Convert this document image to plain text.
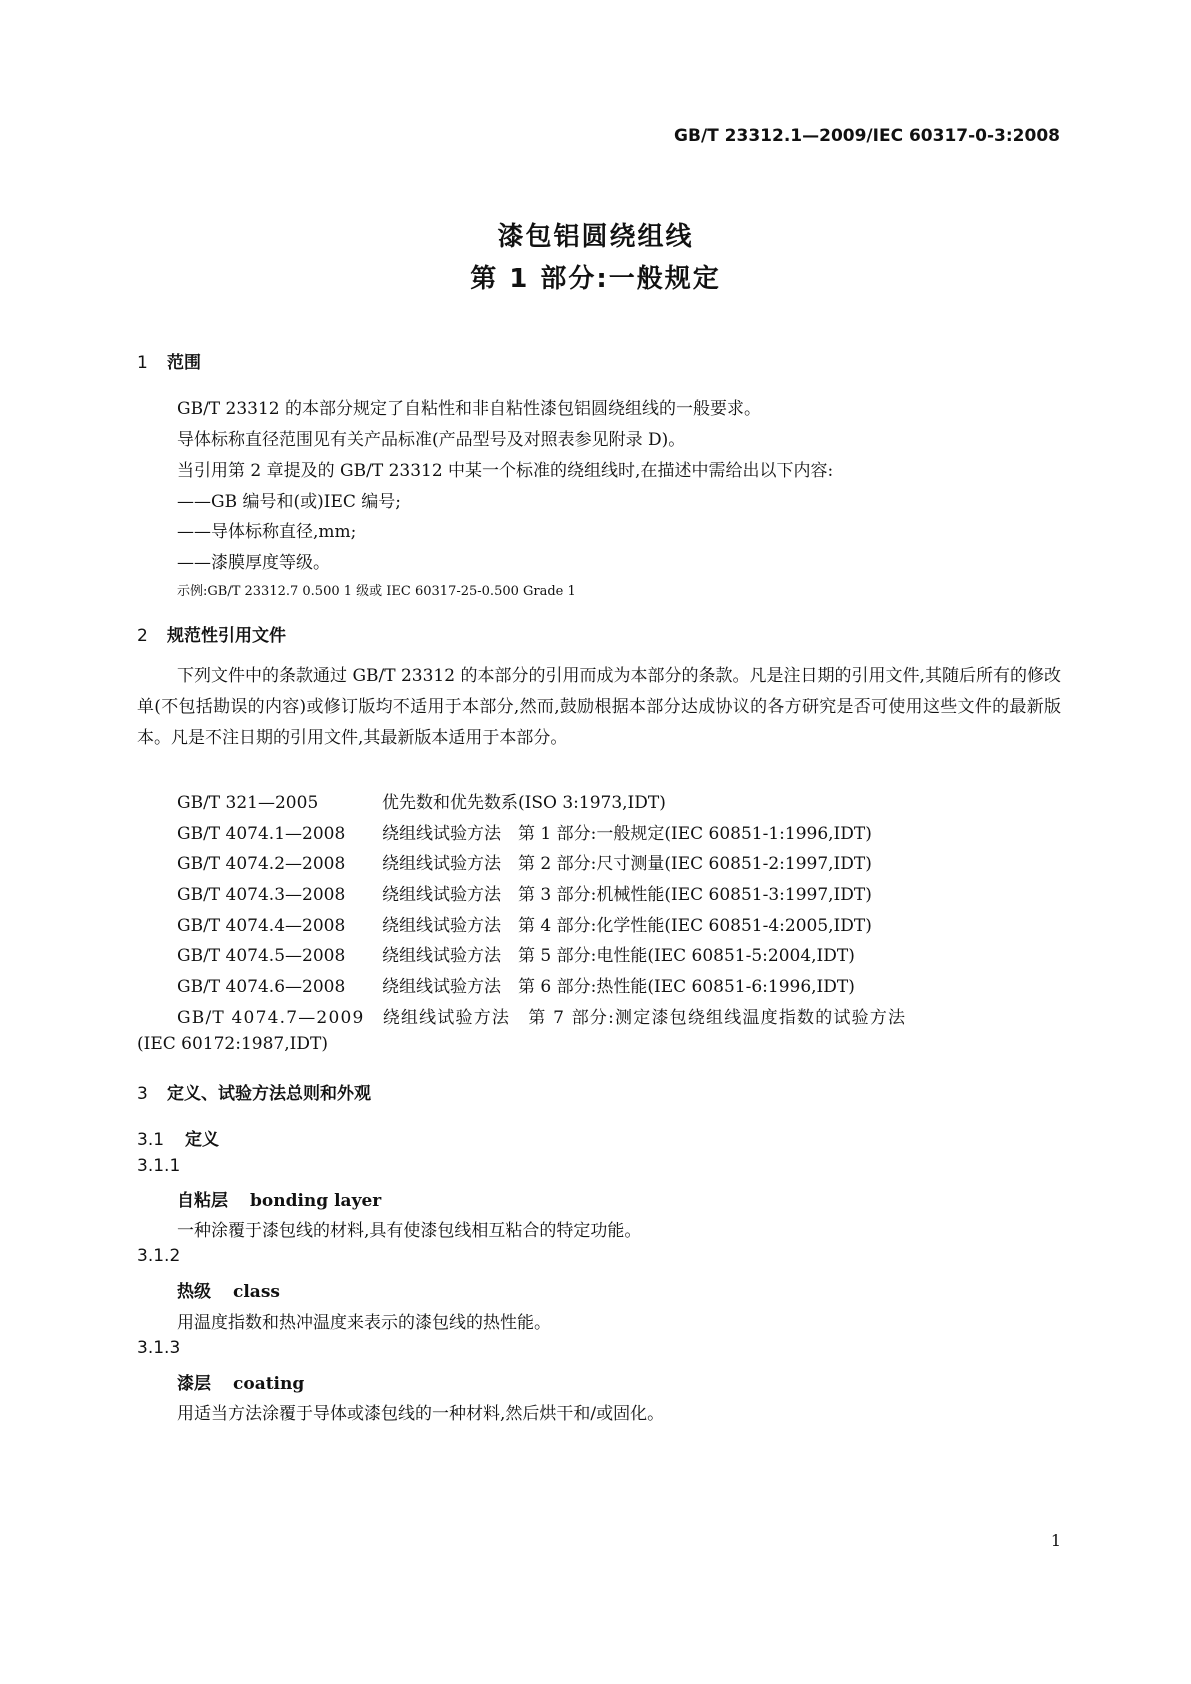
GB/T 23312.1—2009/IEC 60317-0-3:2008
漆包铝圆绕组线
第 1 部分:一般规定
1 范围
GB/T 23312 的本部分规定了自粘性和非自粘性漆包铝圆绕组线的一般要求。
导体标称直径范围见有关产品标准(产品型号及对照表参见附录 D)。
当引用第 2 章提及的 GB/T 23312 中某一个标准的绕组线时,在描述中需给出以下内容:
——GB 编号和(或)IEC 编号;
——导体标称直径,mm;
——漆膜厚度等级。
示例:GB/T 23312.7 0.500 1 级或 IEC 60317-25-0.500 Grade 1
2 规范性引用文件
下列文件中的条款通过 GB/T 23312 的本部分的引用而成为本部分的条款。凡是注日期的引用文件,其随后所有的修改单(不包括勘误的内容)或修订版均不适用于本部分,然而,鼓励根据本部分达成协议的各方研究是否可使用这些文件的最新版本。凡是不注日期的引用文件,其最新版本适用于本部分。
GB/T 321—2005	优先数和优先数系(ISO 3:1973,IDT)
GB/T 4074.1—2008 绕组线试验方法　第 1 部分:一般规定(IEC 60851-1:1996,IDT)
GB/T 4074.2—2008 绕组线试验方法　第 2 部分:尺寸测量(IEC 60851-2:1997,IDT)
GB/T 4074.3—2008 绕组线试验方法　第 3 部分:机械性能(IEC 60851-3:1997,IDT)
GB/T 4074.4—2008 绕组线试验方法　第 4 部分:化学性能(IEC 60851-4:2005,IDT)
GB/T 4074.5—2008 绕组线试验方法　第 5 部分:电性能(IEC 60851-5:2004,IDT)
GB/T 4074.6—2008 绕组线试验方法　第 6 部分:热性能(IEC 60851-6:1996,IDT)
GB/T 4074.7—2009　绕组线试验方法　第 7 部分:测定漆包绕组线温度指数的试验方法
(IEC 60172:1987,IDT)
3 定义、试验方法总则和外观
3.1 定义
3.1.1
自粘层 bonding layer
一种涂覆于漆包线的材料,具有使漆包线相互粘合的特定功能。
3.1.2
热级 class
用温度指数和热冲温度来表示的漆包线的热性能。
3.1.3
漆层 coating
用适当方法涂覆于导体或漆包线的一种材料,然后烘干和/或固化。
1
